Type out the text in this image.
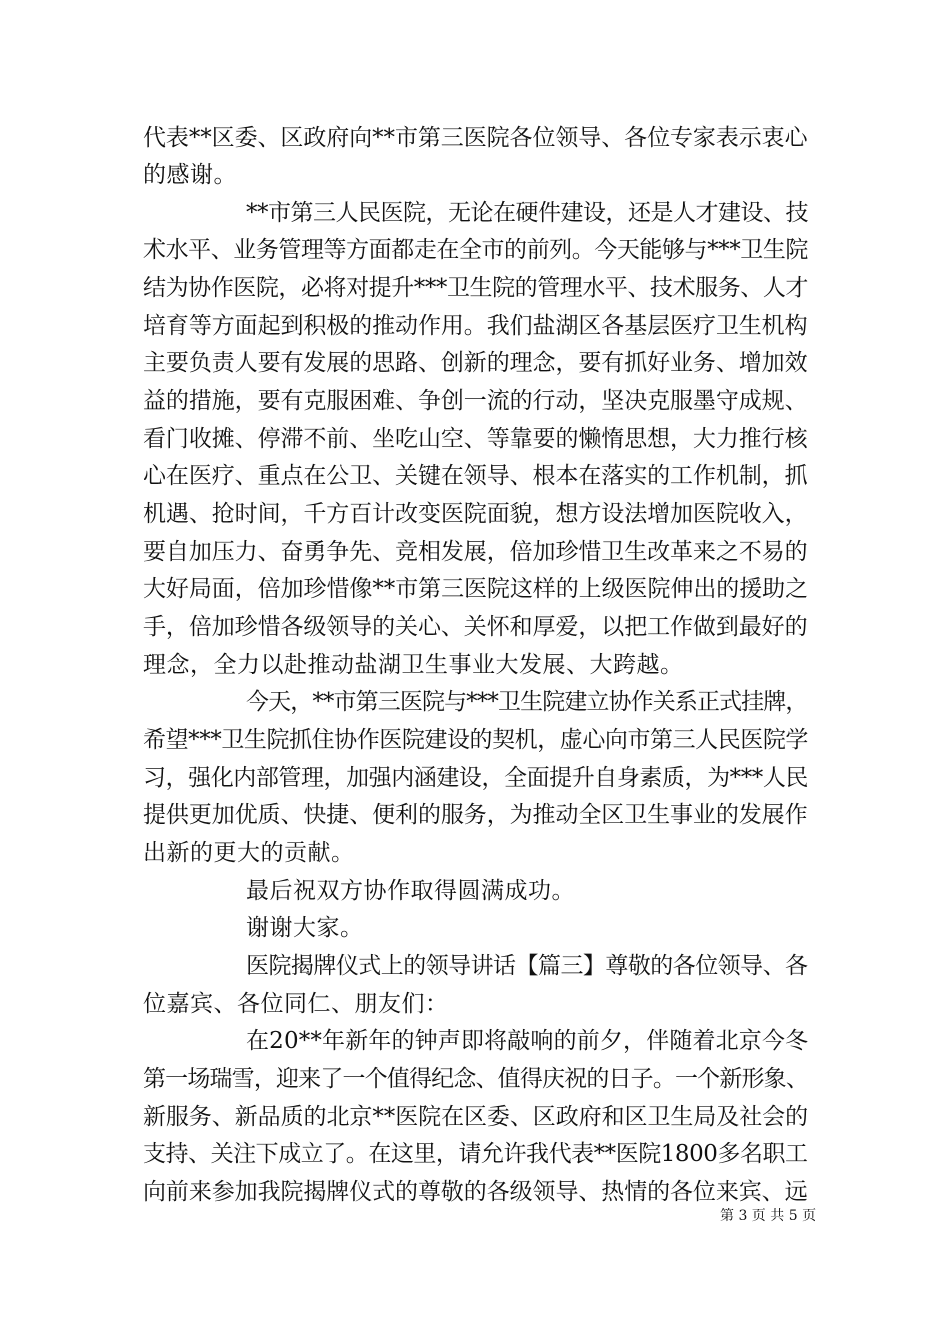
代表**区委、区政府向**市第三医院各位领导、各位专家表示衷心
的感谢。
**市第三人民医院，无论在硬件建设，还是人才建设、技
术水平、业务管理等方面都走在全市的前列。今天能够与***卫生院
结为协作医院，必将对提升***卫生院的管理水平、技术服务、人才
培育等方面起到积极的推动作用。我们盐湖区各基层医疗卫生机构
主要负责人要有发展的思路、创新的理念，要有抓好业务、增加效
益的措施，要有克服困难、争创一流的行动，坚决克服墨守成规、
看门收摊、停滞不前、坐吃山空、等靠要的懒惰思想，大力推行核
心在医疗、重点在公卫、关键在领导、根本在落实的工作机制，抓
机遇、抢时间，千方百计改变医院面貌，想方设法增加医院收入，
要自加压力、奋勇争先、竞相发展，倍加珍惜卫生改革来之不易的
大好局面，倍加珍惜像**市第三医院这样的上级医院伸出的援助之
手，倍加珍惜各级领导的关心、关怀和厚爱，以把工作做到最好的
理念，全力以赴推动盐湖卫生事业大发展、大跨越。
今天，**市第三医院与***卫生院建立协作关系正式挂牌，
希望***卫生院抓住协作医院建设的契机，虚心向市第三人民医院学
习，强化内部管理，加强内涵建设，全面提升自身素质，为***人民
提供更加优质、快捷、便利的服务，为推动全区卫生事业的发展作
出新的更大的贡献。
最后祝双方协作取得圆满成功。
谢谢大家。
医院揭牌仪式上的领导讲话【篇三】尊敬的各位领导、各
位嘉宾、各位同仁、朋友们：
在20**年新年的钟声即将敲响的前夕，伴随着北京今冬
第一场瑞雪，迎来了一个值得纪念、值得庆祝的日子。一个新形象、
新服务、新品质的北京**医院在区委、区政府和区卫生局及社会的
支持、关注下成立了。在这里，请允许我代表**医院1800多名职工
向前来参加我院揭牌仪式的尊敬的各级领导、热情的各位来宾、远
第 3 页 共 5 页
